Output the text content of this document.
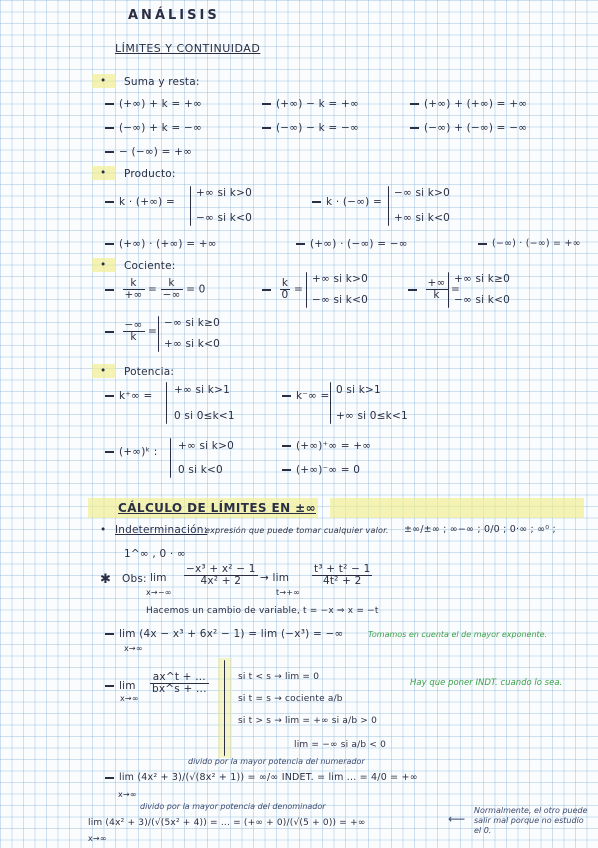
ANÁLISIS
LÍMITES Y CONTINUIDAD
• Suma y resta:
(+∞) + k = +∞	(+∞) − k = +∞	(+∞) + (+∞) = +∞
(−∞) + k = −∞	(−∞) − k = −∞	(−∞) + (−∞) = −∞
− (−∞) = +∞
• Producto:
k · (+∞) =
+∞ si k>0
−∞ si k<0
k · (−∞) =
−∞ si k>0
+∞ si k<0
(+∞) · (+∞) = +∞	(+∞) · (−∞) = −∞	(−∞) · (−∞) = +∞
• Cociente:

$\frac{k}{+\infty} = \frac{k}{-\infty} = 0$
	$\frac{k}{0}$ =
+∞ si k>0
−∞ si k<0
	$\frac{+\infty}{k}$ =
+∞ si k≥0
−∞ si k<0

$\frac{-\infty}{k}$ =
−∞ si k≥0
+∞ si k<0
• Potencia:
k⁺∞ = +∞ si k>1
0 si 0≤k<1
k⁻∞ = 0 si k>1
+∞ si 0≤k<1
(+∞)ᵏ : +∞ si k>0
0 si k<0
(+∞)⁺∞ = +∞
(+∞)⁻∞ = 0
CÁLCULO DE LÍMITES EN ±∞
• Indeterminación:
expresión que puede tomar cualquier valor. ±∞/±∞ ; ∞−∞ ; 0/0 ; 0·∞ ; ∞⁰ ;
1^∞ , 0 · ∞
✱ Obs: lim
x→−∞
$\frac{\text{−x³ + x² − 1}}{\text{4x² + 2}} \to \lim$
t→+∞
$\frac{\text{t³ + t² − 1}}{\text{4t² + 2}}$
Hacemos un cambio de variable, t = −x ⇒ x = −t
lim (4x − x³ + 6x² − 1) = lim (−x³) = −∞
x→∞
Tomamos en cuenta el de mayor exponente.
$\lim \frac{ax\^{}t + ...}{bx\^{}s + ...}$
x→∞
si t < s → lim = 0
si t = s → cociente a/b
si t > s → lim = +∞ si a/b > 0
lim = −∞ si a/b < 0
Hay que poner INDT. cuando lo sea.
divido por la mayor potencia del numerador
lim (4x² + 3)/(√(8x² + 1)) = ∞/∞ INDET. = lim ... = 4/0 = +∞
x→∞
divido por la mayor potencia del denominador
lim (4x² + 3)/(√(5x² + 4)) = ... = (+∞ + 0)/(√(5 + 0)) = +∞
x→∞
⟵
Normalmente, el otro puede salir mal porque no estudio el 0.
